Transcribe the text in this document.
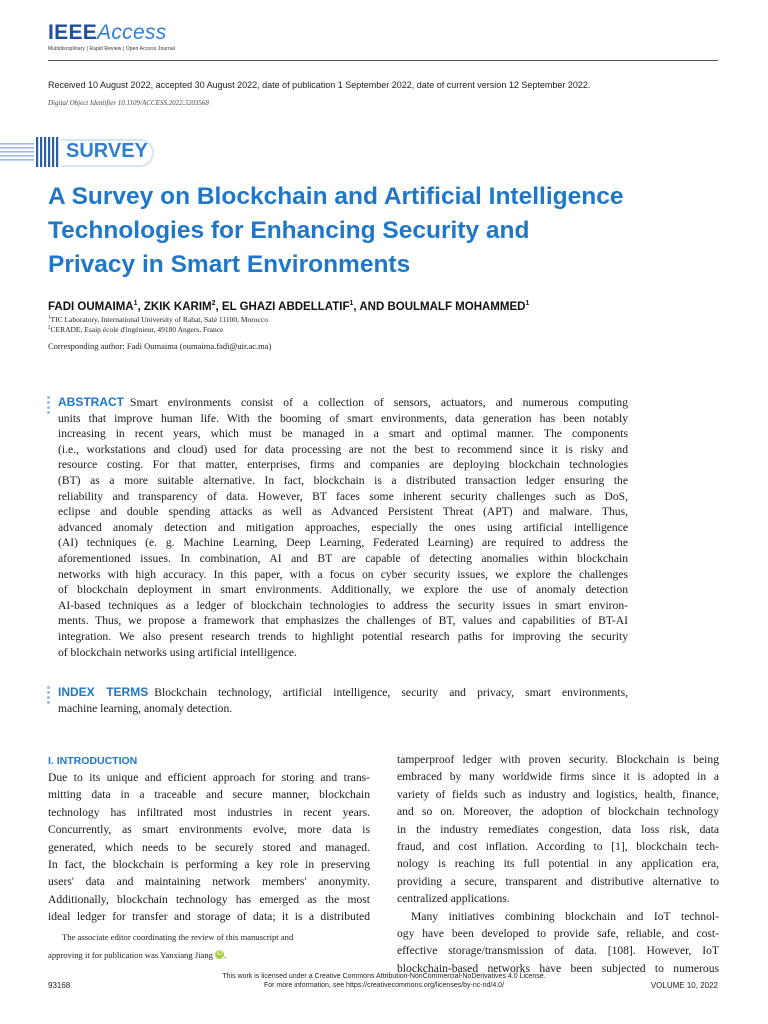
IEEEAccess
Multidisciplinary | Rapid Review | Open Access Journal
Received 10 August 2022, accepted 30 August 2022, date of publication 1 September 2022, date of current version 12 September 2022.
Digital Object Identifier 10.1109/ACCESS.2022.3203568
SURVEY
A Survey on Blockchain and Artificial Intelligence
Technologies for Enhancing Security and
Privacy in Smart Environments
FADI OUMAIMA$^1$, ZKIK KARIM$^2$, EL GHAZI ABDELLATIF$^1$, AND BOULMALF MOHAMMED$^1$
$^1$TIC Laboratory, International University of Rabat, Salé 11100, Morocco
$^2$CERADE, Esaip école d'ingénieur, 49180 Angers, France
Corresponding author: Fadi Oumaima (oumaima.fadi@uir.ac.ma)
ABSTRACT Smart environments consist of a collection of sensors, actuators, and numerous computing
units that improve human life. With the booming of smart environments, data generation has been notably
increasing in recent years, which must be managed in a smart and optimal manner. The components
(i.e., workstations and cloud) used for data processing are not the best to recommend since it is risky and
resource costing. For that matter, enterprises, firms and companies are deploying blockchain technologies
(BT) as a more suitable alternative. In fact, blockchain is a distributed transaction ledger ensuring the
reliability and transparency of data. However, BT faces some inherent security challenges such as DoS,
eclipse and double spending attacks as well as Advanced Persistent Threat (APT) and malware. Thus,
advanced anomaly detection and mitigation approaches, especially the ones using artificial intelligence
(AI) techniques (e. g. Machine Learning, Deep Learning, Federated Learning) are required to address the
aforementioned issues. In combination, AI and BT are capable of detecting anomalies within blockchain
networks with high accuracy. In this paper, with a focus on cyber security issues, we explore the challenges
of blockchain deployment in smart environments. Additionally, we explore the use of anomaly detection
AI-based techniques as a ledger of blockchain technologies to address the security issues in smart environ-
ments. Thus, we propose a framework that emphasizes the challenges of BT, values and capabilities of BT-AI
integration. We also present research trends to highlight potential research paths for improving the security
of blockchain networks using artificial intelligence.
INDEX TERMS Blockchain technology, artificial intelligence, security and privacy, smart environments,
machine learning, anomaly detection.
I. INTRODUCTION
Due to its unique and efficient approach for storing and trans-
mitting data in a traceable and secure manner, blockchain
technology has infiltrated most industries in recent years.
Concurrently, as smart environments evolve, more data is
generated, which needs to be securely stored and managed.
In fact, the blockchain is performing a key role in preserving
users' data and maintaining network members' anonymity.
Additionally, blockchain technology has emerged as the most
ideal ledger for transfer and storage of data; it is a distributed
The associate editor coordinating the review of this manuscript and
approving it for publication was Yanxiang Jiang iD .
tamperproof ledger with proven security. Blockchain is being
embraced by many worldwide firms since it is adopted in a
variety of fields such as industry and logistics, health, finance,
and so on. Moreover, the adoption of blockchain technology
in the industry remediates congestion, data loss risk, data
fraud, and cost inflation. According to [1], blockchain tech-
nology is reaching its full potential in any application era,
providing a secure, transparent and distributive alternative to
centralized applications.
Many initiatives combining blockchain and IoT technol-
ogy have been developed to provide safe, reliable, and cost-
effective storage/transmission of data. [108]. However, IoT
blockchain-based networks have been subjected to numerous
This work is licensed under a Creative Commons Attribution-NonCommercial-NoDerivatives 4.0 License.
For more information, see https://creativecommons.org/licenses/by-nc-nd/4.0/
93168	VOLUME 10, 2022
